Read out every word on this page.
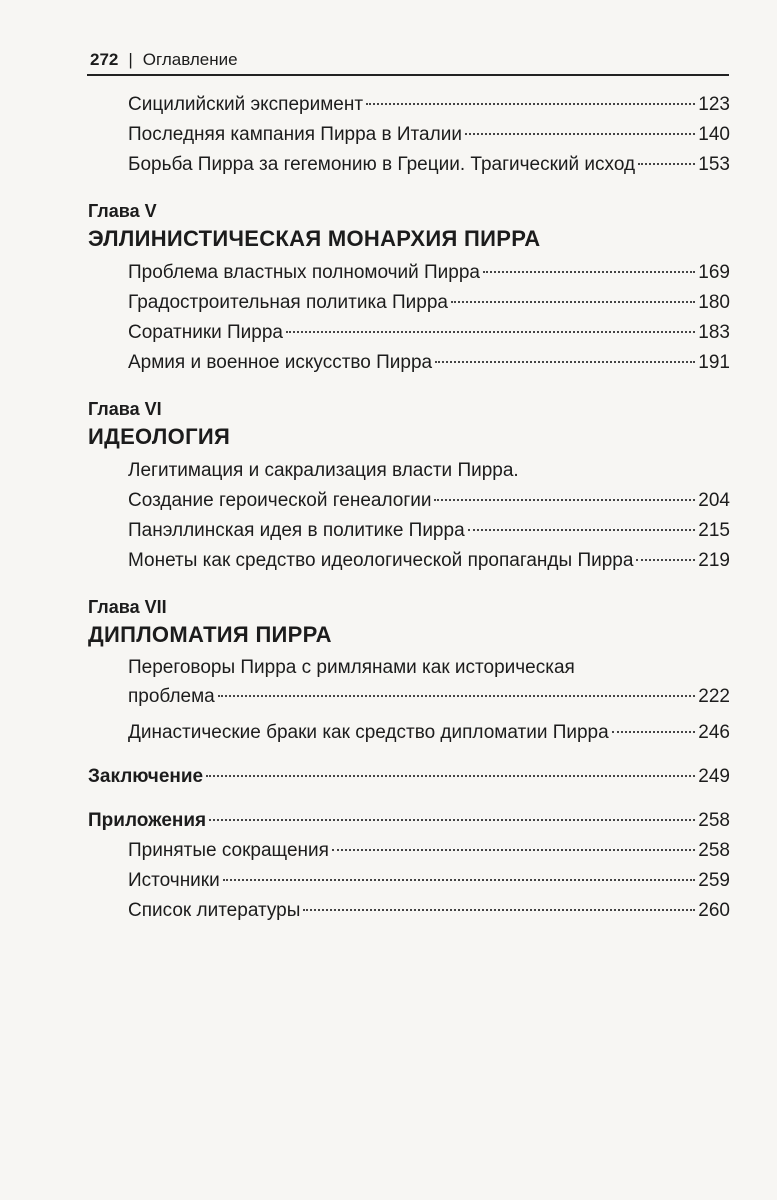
272 | Оглавление
Сицилийский эксперимент	123
Последняя кампания Пирра в Италии	140
Борьба Пирра за гегемонию в Греции. Трагический исход	153
Глава V
ЭЛЛИНИСТИЧЕСКАЯ МОНАРХИЯ ПИРРА
Проблема властных полномочий Пирра	169
Градостроительная политика Пирра	180
Соратники Пирра	183
Армия и военное искусство Пирра	191
Глава VI
ИДЕОЛОГИЯ
Легитимация и сакрализация власти Пирра.
Создание героической генеалогии	204
Панэллинская идея в политике Пирра	215
Монеты как средство идеологической пропаганды Пирра	219
Глава VII
ДИПЛОМАТИЯ ПИРРА
Переговоры Пирра с римлянами как историческая
проблема	222
Династические браки как средство дипломатии Пирра	246
Заключение	249
Приложения	258
Принятые сокращения	258
Источники	259
Список литературы	260
